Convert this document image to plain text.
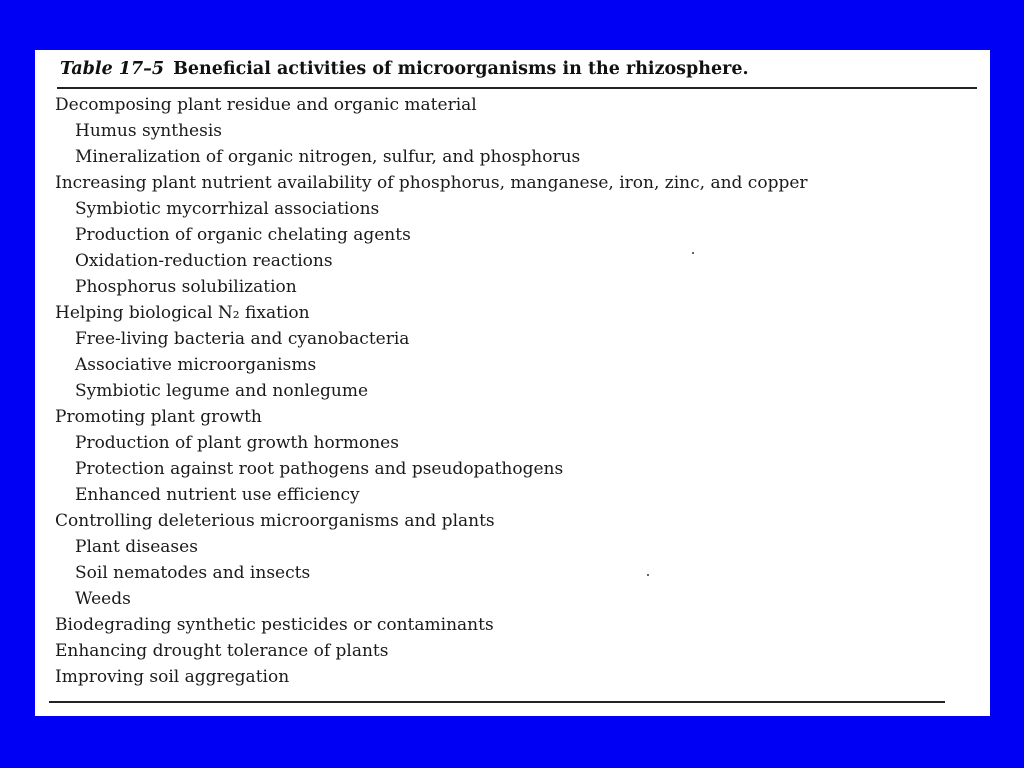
Table 17–5 Beneficial activities of microorganisms in the rhizosphere.
Decomposing plant residue and organic material
Humus synthesis
Mineralization of organic nitrogen, sulfur, and phosphorus
Increasing plant nutrient availability of phosphorus, manganese, iron, zinc, and copper
Symbiotic mycorrhizal associations
Production of organic chelating agents
Oxidation-reduction reactions
Phosphorus solubilization
Helping biological N₂ fixation
Free-living bacteria and cyanobacteria
Associative microorganisms
Symbiotic legume and nonlegume
Promoting plant growth
Production of plant growth hormones
Protection against root pathogens and pseudopathogens
Enhanced nutrient use efficiency
Controlling deleterious microorganisms and plants
Plant diseases
Soil nematodes and insects
Weeds
Biodegrading synthetic pesticides or contaminants
Enhancing drought tolerance of plants
Improving soil aggregation
